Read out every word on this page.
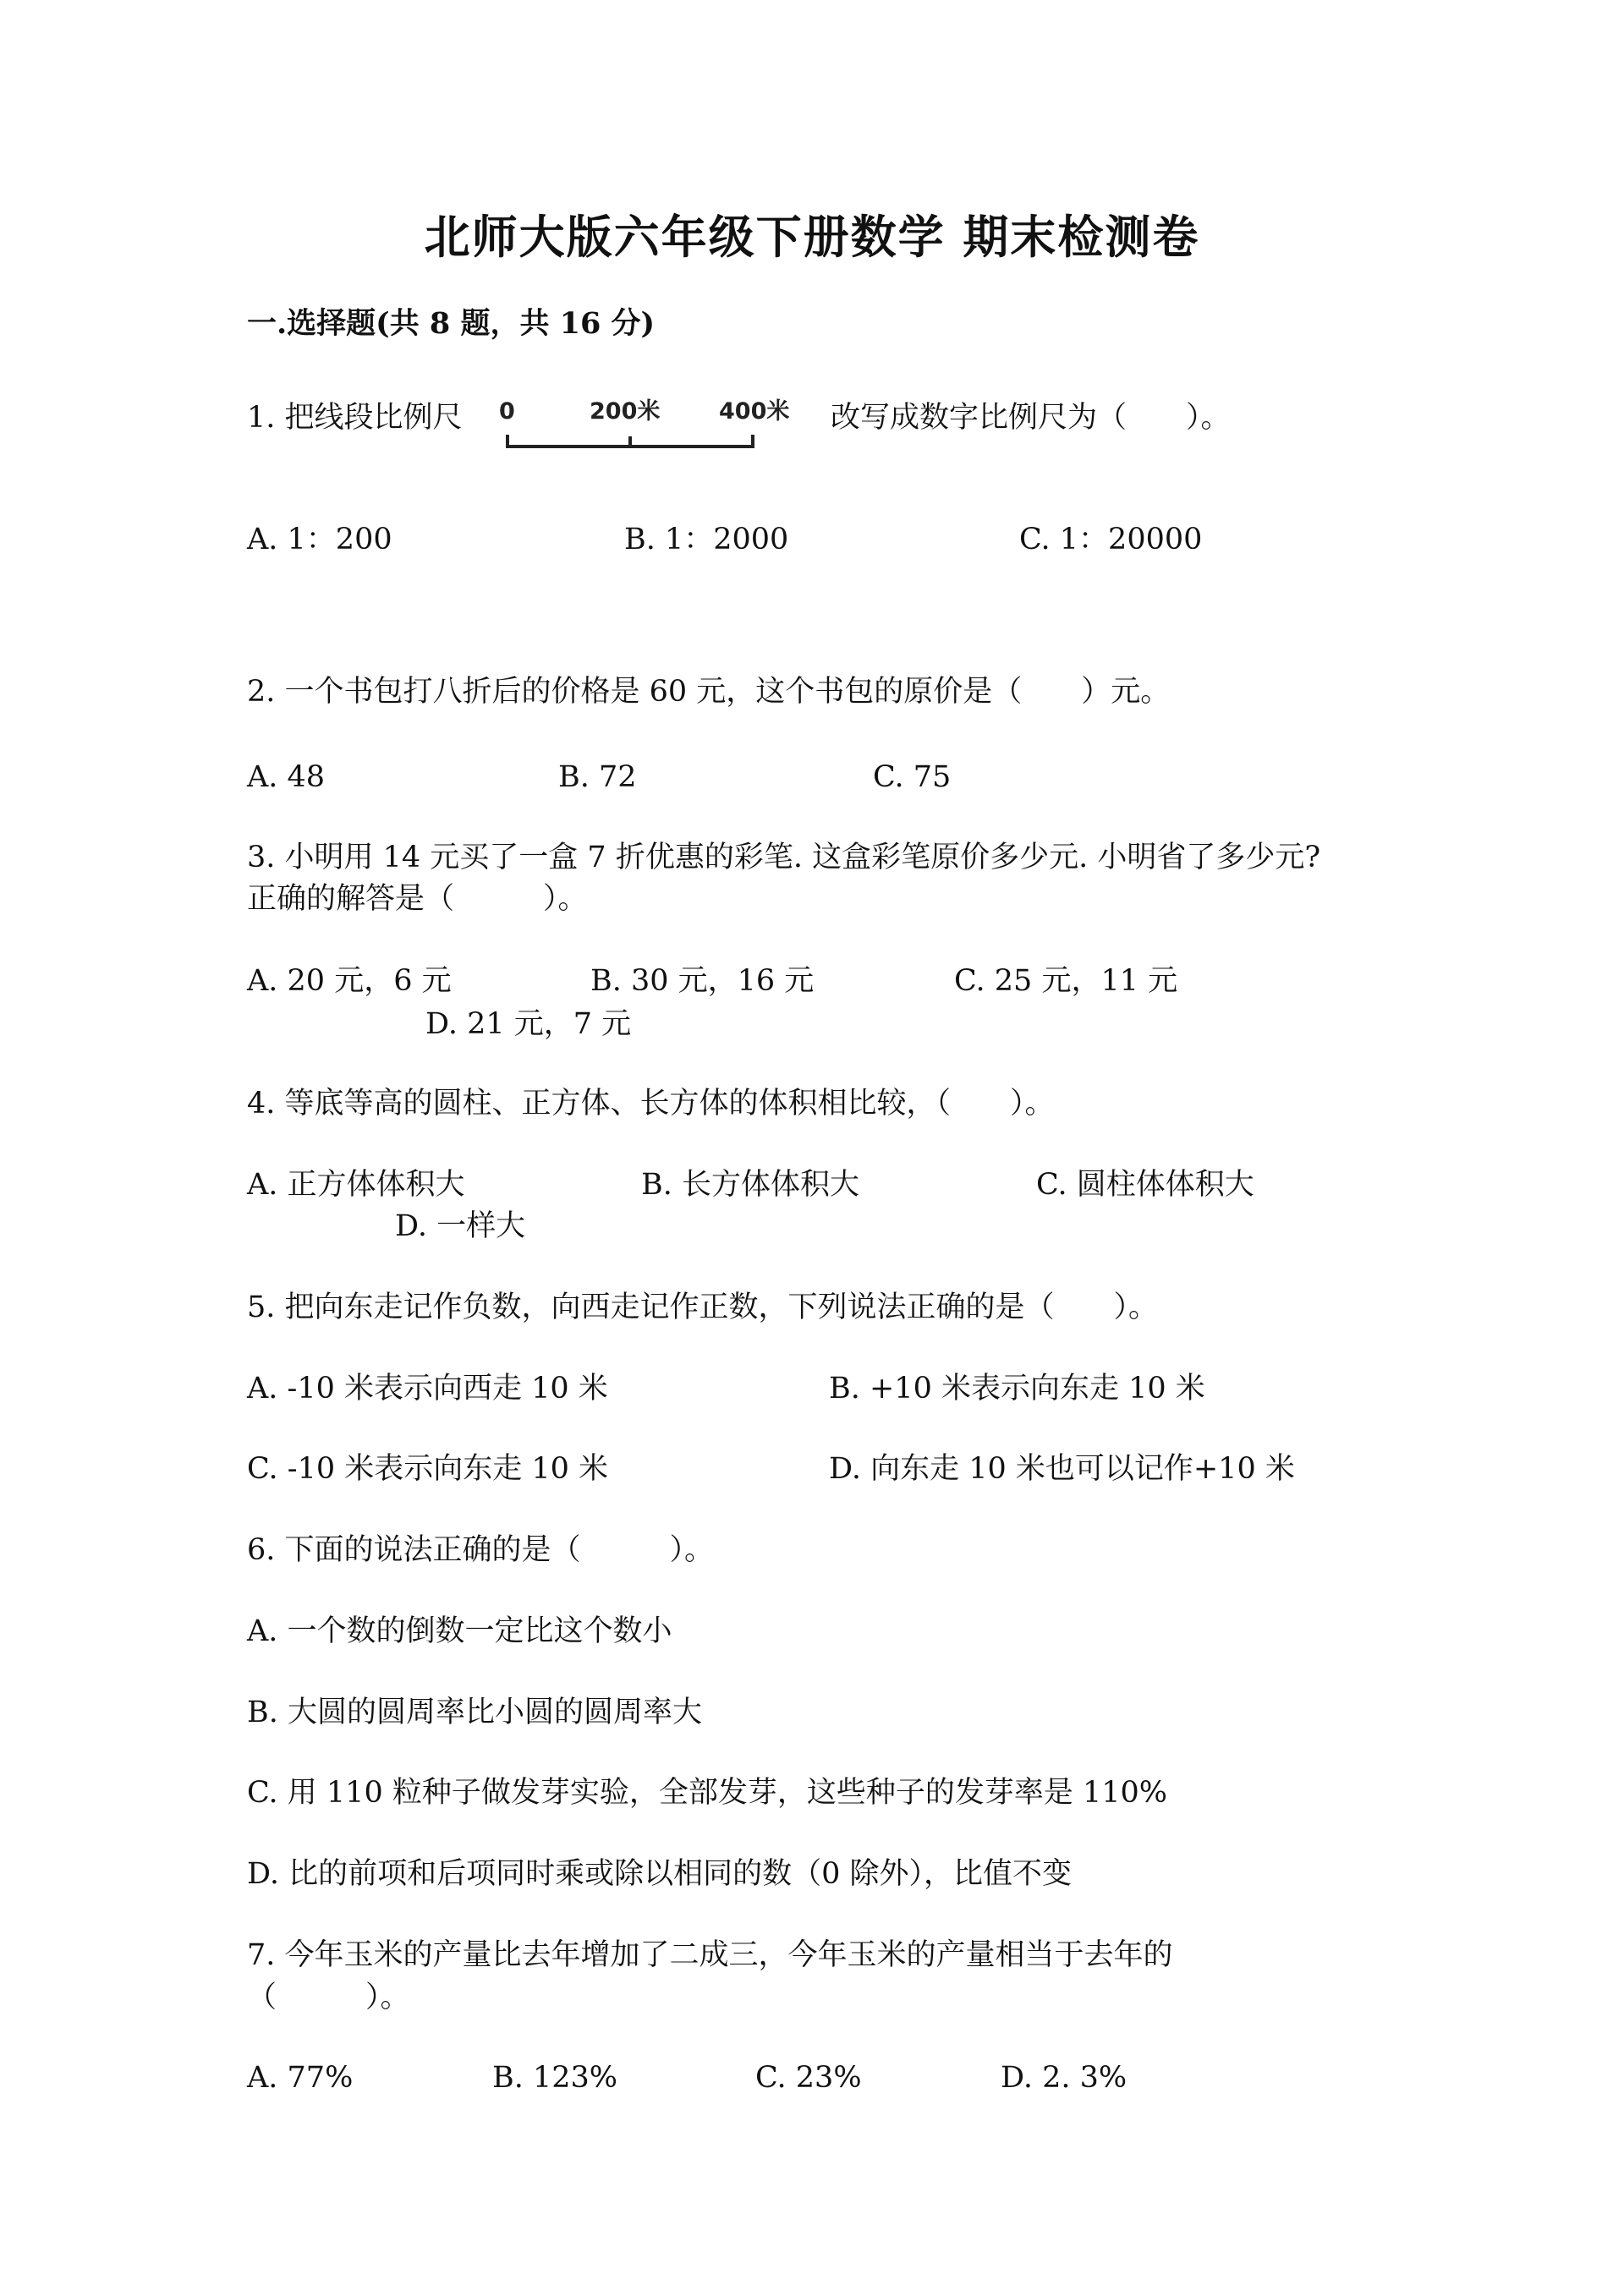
北师大版六年级下册数学 期末检测卷
一.选择题(共 8 题，共 16 分)
1. 把线段比例尺 0	200米	400米 改写成数字比例尺为（　　）。
A. 1：200	B. 1：2000	C. 1：20000
2. 一个书包打八折后的价格是 60 元，这个书包的原价是（　　）元。
A. 48	B. 72	C. 75
3. 小明用 14 元买了一盒 7 折优惠的彩笔. 这盒彩笔原价多少元. 小明省了多少元?
正确的解答是（　　　）。
A. 20 元，6 元	B. 30 元，16 元	C. 25 元，11 元
D. 21 元，7 元
4. 等底等高的圆柱、正方体、长方体的体积相比较，（　　）。
A. 正方体体积大	B. 长方体体积大	C. 圆柱体体积大
D. 一样大
5. 把向东走记作负数，向西走记作正数，下列说法正确的是（　　）。
A. -10 米表示向西走 10 米	B. +10 米表示向东走 10 米
C. -10 米表示向东走 10 米	D. 向东走 10 米也可以记作+10 米
6. 下面的说法正确的是（　　　）。
A. 一个数的倒数一定比这个数小
B. 大圆的圆周率比小圆的圆周率大
C. 用 110 粒种子做发芽实验，全部发芽，这些种子的发芽率是 110%
D. 比的前项和后项同时乘或除以相同的数（0 除外），比值不变
7. 今年玉米的产量比去年增加了二成三，今年玉米的产量相当于去年的
（　　　）。
A. 77%	B. 123%	C. 23%	D. 2. 3%
